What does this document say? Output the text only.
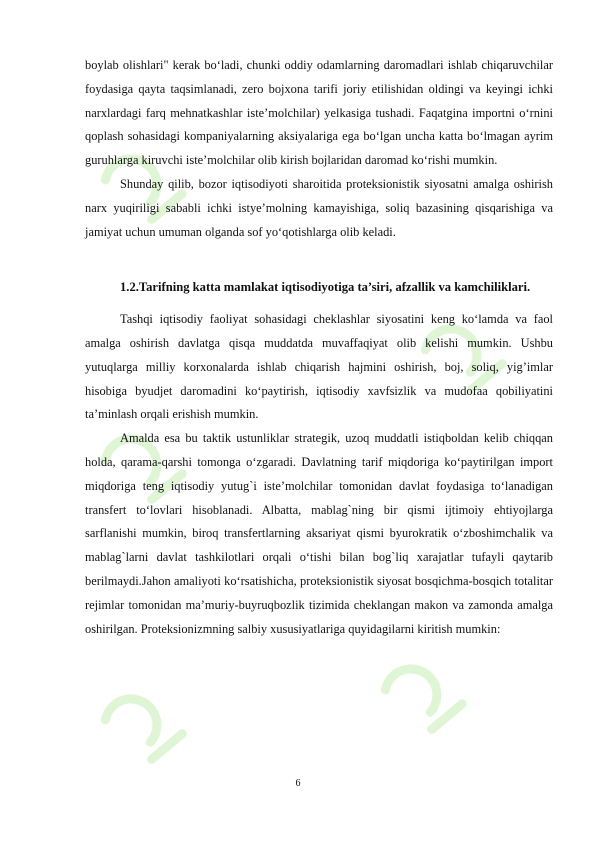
boylab olishlari" kerak bo‘ladi, chunki oddiy odamlarning daromadlari ishlab chiqaruvchilar foydasiga qayta taqsimlanadi, zero bojxona tarifi joriy etilishidan oldingi va keyingi ichki narxlardagi farq mehnatkashlar iste’molchilar) yelkasiga tushadi. Faqatgina importni o‘rnini qoplash sohasidagi kompaniyalarning aksiyalariga ega bo‘lgan uncha katta bo‘lmagan ayrim guruhlarga kiruvchi iste’molchilar olib kirish bojlaridan daromad ko‘rishi mumkin.

Shunday qilib, bozor iqtisodiyoti sharoitida proteksionistik siyosatni amalga oshirish narx yuqiriligi sababli ichki istye’molning kamayishiga, soliq bazasining qisqarishiga va jamiyat uchun umuman olganda sof yo‘qotishlarga olib keladi.

1.2.Tarifning katta mamlakat iqtisodiyotiga ta’siri, afzallik va kamchiliklari.

Tashqi iqtisodiy faoliyat sohasidagi cheklashlar siyosatini keng ko‘lamda va faol amalga oshirish davlatga qisqa muddatda muvaffaqiyat olib kelishi mumkin. Ushbu yutuqlarga milliy korxonalarda ishlab chiqarish hajmini oshirish, boj, soliq, yig’imlar hisobiga byudjet daromadini ko‘paytirish, iqtisodiy xavfsizlik va mudofaa qobiliyatini ta’minlash orqali erishish mumkin.

Amalda esa bu taktik ustunliklar strategik, uzoq muddatli istiqboldan kelib chiqqan holda, qarama-qarshi tomonga o‘zgaradi. Davlatning tarif miqdoriga ko‘paytirilgan import miqdoriga teng iqtisodiy yutug`i iste’molchilar tomonidan davlat foydasiga to‘lanadigan transfert to‘lovlari hisoblanadi. Albatta, mablag`ning bir qismi ijtimoiy ehtiyojlarga sarflanishi mumkin, biroq transfertlarning aksariyat qismi byurokratik o‘zboshimchalik va mablag`larni davlat tashkilotlari orqali o‘tishi bilan bog`liq xarajatlar tufayli qaytarib berilmaydi.Jahon amaliyoti ko‘rsatishicha, proteksionistik siyosat bosqichma-bosqich totalitar rejimlar tomonidan ma’muriy-buyruqbozlik tizimida cheklangan makon va zamonda amalga oshirilgan. Proteksionizmning salbiy xususiyatlariga quyidagilarni kiritish mumkin:

6
